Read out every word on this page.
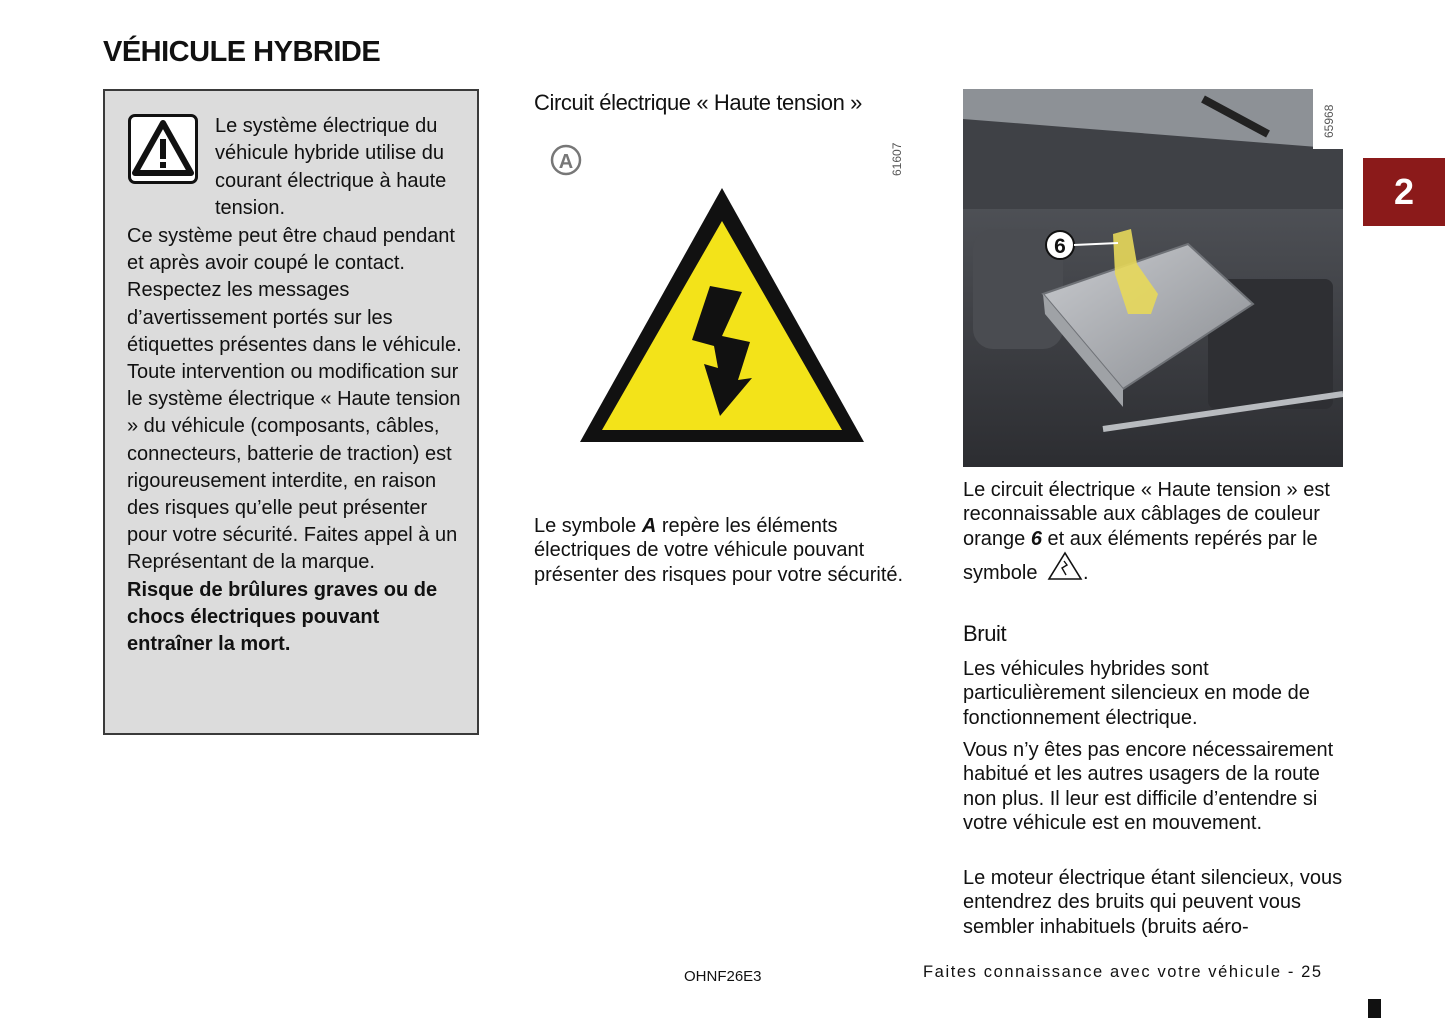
VÉHICULE HYBRIDE
Le système électrique du véhicule hybride utilise du courant électrique à haute tension.

Ce système peut être chaud pendant et après avoir coupé le contact. Respectez les messages d’avertissement portés sur les étiquettes présentes dans le véhicule.

Toute intervention ou modification sur le système électrique « Haute tension » du véhicule (composants, câbles, connecteurs, batterie de traction) est rigoureusement interdite, en raison des risques qu’elle peut présenter pour votre sécurité. Faites appel à un Représentant de la marque.

Risque de brûlures graves ou de chocs électriques pouvant entraîner la mort.

Circuit électrique « Haute tension »
A	61607

Le symbole A repère les éléments électriques de votre véhicule pouvant présenter des risques pour votre sécurité.

6
65968

Le circuit électrique « Haute tension » est reconnaissable aux câblages de couleur orange 6 et aux éléments repérés par le symbole .

Bruit

Les véhicules hybrides sont particulièrement silencieux en mode de fonctionnement électrique.

Vous n’y êtes pas encore nécessairement habitué et les autres usagers de la route non plus. Il leur est difficile d’entendre si votre véhicule est en mouvement.

Le moteur électrique étant silencieux, vous entendrez des bruits qui peuvent vous sembler inhabituels (bruits aéro-

2
OHNF26E3	Faites connaissance avec votre véhicule - 25
